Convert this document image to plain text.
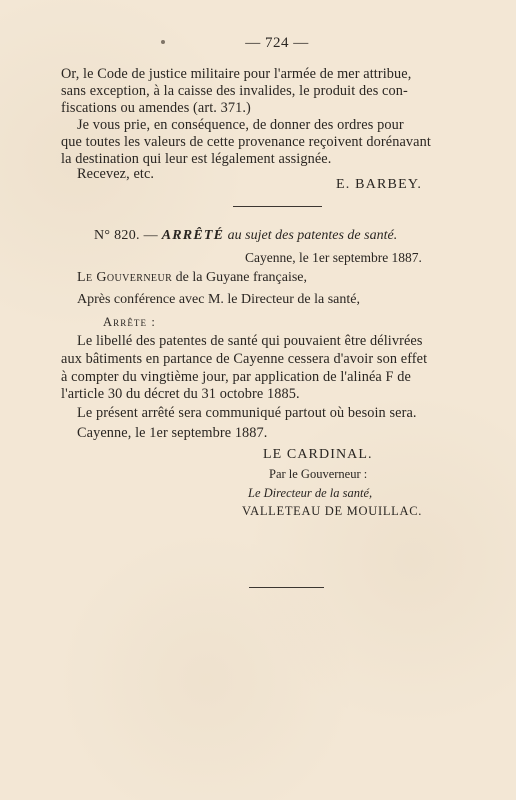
— 724 —
Or, le Code de justice militaire pour l'armée de mer attribue,
sans exception, à la caisse des invalides, le produit des con-
fiscations ou amendes (art. 371.)
Je vous prie, en conséquence, de donner des ordres pour
que toutes les valeurs de cette provenance reçoivent dorénavant
la destination qui leur est légalement assignée.
Recevez, etc.
E. BARBEY.
N° 820. — ARRÊTÉ au sujet des patentes de santé.
Cayenne, le 1er septembre 1887.
Le Gouverneur de la Guyane française,
Après conférence avec M. le Directeur de la santé,
Arrête :
Le libellé des patentes de santé qui pouvaient être délivrées
aux bâtiments en partance de Cayenne cessera d'avoir son effet
à compter du vingtième jour, par application de l'alinéa F de
l'article 30 du décret du 31 octobre 1885.
Le présent arrêté sera communiqué partout où besoin sera.
Cayenne, le 1er septembre 1887.
LE CARDINAL.
Par le Gouverneur :
Le Directeur de la santé,
VALLETEAU DE MOUILLAC.
